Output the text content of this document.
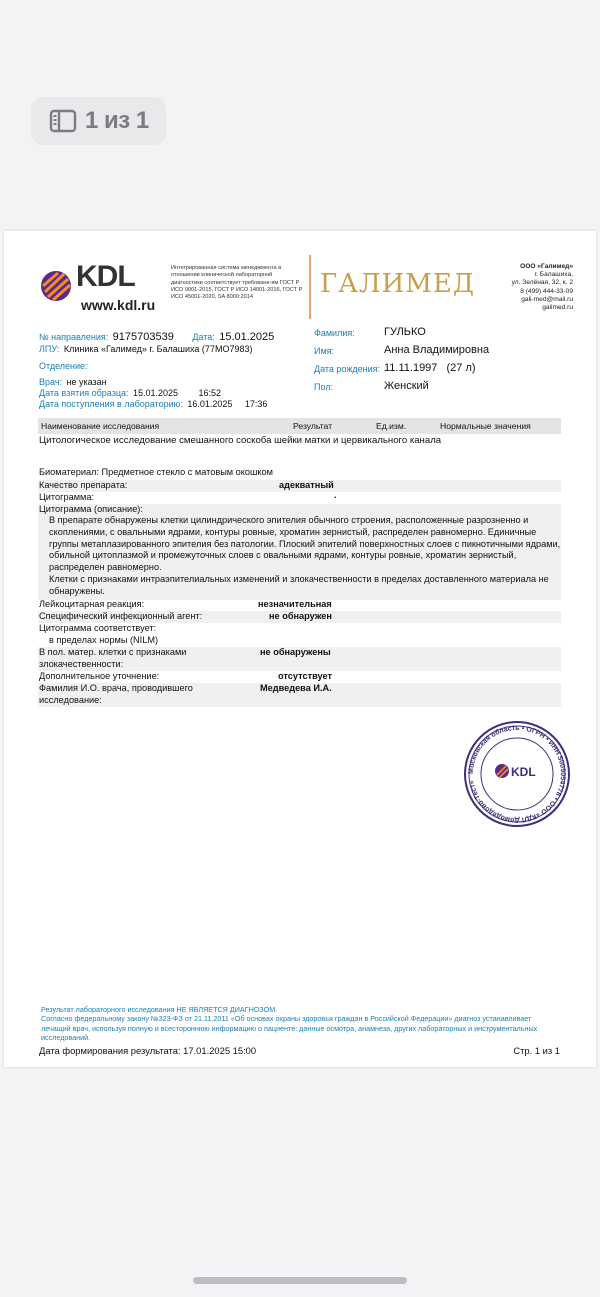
1 из 1
KDL
www.kdl.ru
Интегрированная система менеджмента в отношении клинической лабораторной диагностики соответствует требовани-ям ГОСТ Р ИСО 9001-2015, ГОСТ Р ИСО 14001-2016, ГОСТ Р ИСО 45001-2020, SA 8000:2014	ГАЛИМЕД
ООО «Галимед»
г. Балашиха,
ул. Зелёная, 32, к. 2
8 (499) 444-33-09
gali-med@mail.ru
galimed.ru
№ направления: 9175703539 Дата: 15.01.2025
ЛПУ: Клиника «Галимед» г. Балашиха (77МО7983)
Отделение:
Врач: не указан
Дата взятия образца: 15.01.2025 16:52
Дата поступления в лабораторию: 16.01.2025 17:36
Фамилия:	ГУЛЬКО
Имя:	Анна Владимировна
Дата рождения: 11.11.1997 (27 л)
Пол:	Женский
Наименование исследования	Результат	Ед.изм.	Нормальные значения
Цитологическое исследование смешанного соскоба шейки матки и цервикального канала
Биоматериал: Предметное стекло с матовым окошком
Качество препарата:	адекватный
Цитограмма:	.
Цитограмма (описание):
В препарате обнаружены клетки цилиндрического эпителия обычного строения, расположенные разрозненно и скоплениями, с овальными ядрами, контуры ровные, хроматин зернистый, распределен равномерно. Единичные группы метаплазированного эпителия без патологии. Плоский эпителий поверхностных слоев с пикнотичными ядрами, обильной цитоплазмой и промежуточных слоев с овальными ядрами, контуры ровные, хроматин зернистый, распределен равномерно.
Клетки с признаками интраэпителиальных изменений и злокачественности в пределах доставленного материала не обнаружены.
Лейкоцитарная реакция:	незначительная
Специфический инфекционный агент:	не обнаружен
Цитограмма соответствует:
в пределах нормы (NILM)
В пол. матер. клетки с признаками
злокачественности:
не обнаружены
Дополнительное уточнение:	отсутствует
Фамилия И.О. врача, проводившего
исследование:
Медведева И.А.
Московская область • ОГРН • ИНН 5009054778 • ООО «КДЛ Домодедово-Тест»
KDL
Результат лабораторного исследования НЕ ЯВЛЯЕТСЯ ДИАГНОЗОМ.
Согласно федеральному закону №323-ФЗ от 21.11.2011 «Об основах охраны здоровья граждан в Российской Федерации» диагноз устанавливает лечащий врач, используя полную и всестороннюю информацию о пациенте: данные осмотра, анамнеза, других лабораторных и инструментальных исследований.
Дата формирования результата: 17.01.2025 15:00	Стр. 1 из 1
